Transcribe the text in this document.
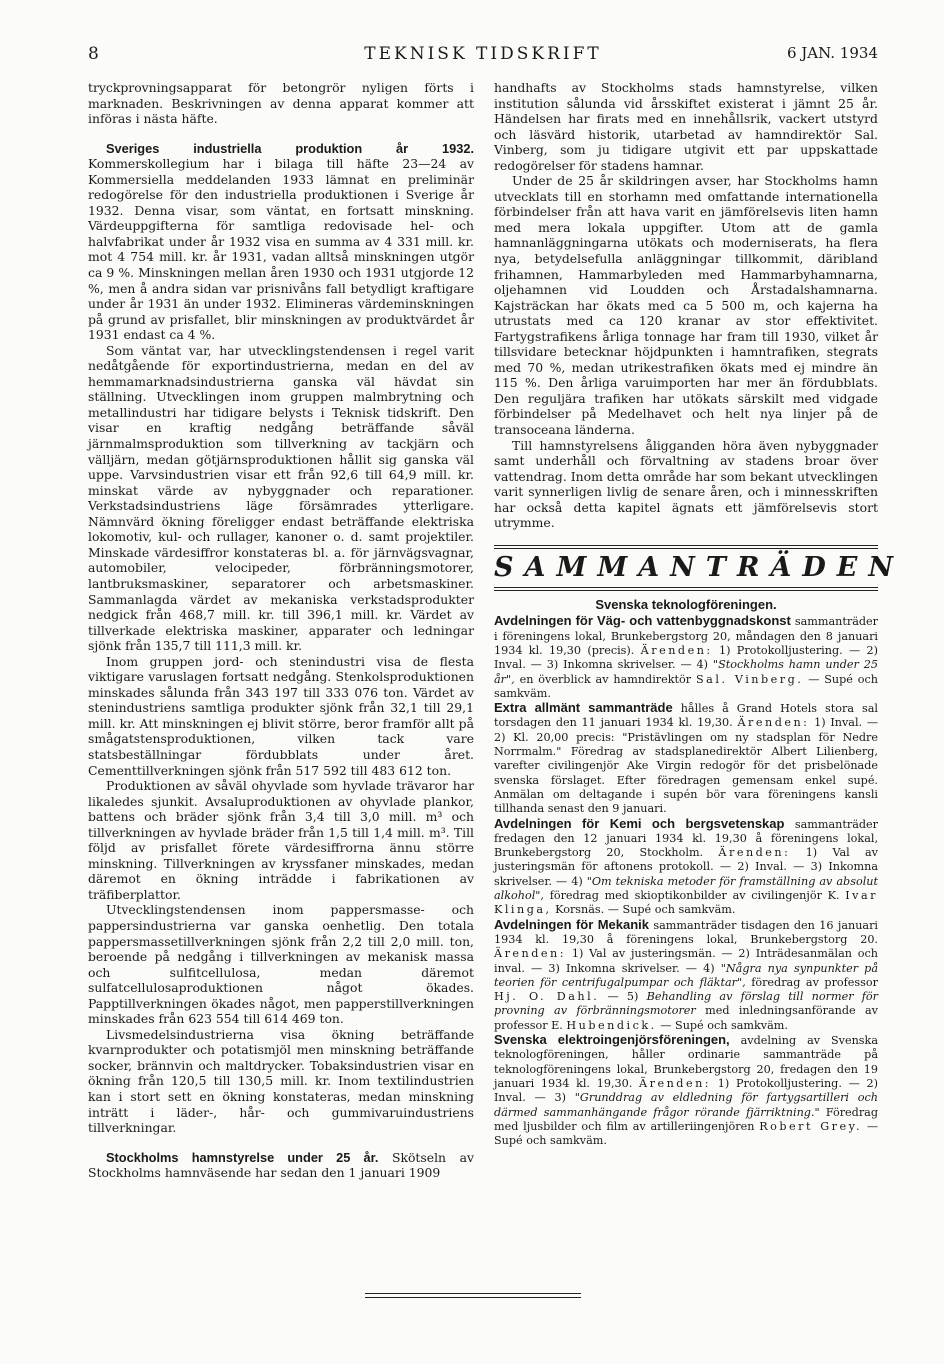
8	TEKNISK TIDSKRIFT	6 JAN. 1934

tryckprovningsapparat för betongrör nyligen förts i marknaden. Beskrivningen av denna apparat kommer att införas i nästa häfte.

Sveriges industriella produktion år 1932. Kommerskollegium har i bilaga till häfte 23—24 av Kommersiella meddelanden 1933 lämnat en preliminär redogörelse för den industriella produktionen i Sverige år 1932. Denna visar, som väntat, en fortsatt minskning. Värdeuppgifterna för samtliga redovisade hel- och halvfabrikat under år 1932 visa en summa av 4 331 mill. kr. mot 4 754 mill. kr. år 1931, vadan alltså minskningen utgör ca 9 %. Minskningen mellan åren 1930 och 1931 utgjorde 12 %, men å andra sidan var prisnivåns fall betydligt kraftigare under år 1931 än under 1932. Elimineras värdeminskningen på grund av prisfallet, blir minskningen av produktvärdet år 1931 endast ca 4 %.

Som väntat var, har utvecklingstendensen i regel varit nedåtgående för exportindustrierna, medan en del av hemmamarknadsindustrierna ganska väl hävdat sin ställning. Utvecklingen inom gruppen malmbrytning och metallindustri har tidigare belysts i Teknisk tidskrift. Den visar en kraftig nedgång beträffande såväl järnmalmsproduktion som tillverkning av tackjärn och välljärn, medan götjärnsproduktionen hållit sig ganska väl uppe. Varvsindustrien visar ett från 92,6 till 64,9 mill. kr. minskat värde av nybyggnader och reparationer. Verkstadsindustriens läge försämrades ytterligare. Nämnvärd ökning föreligger endast beträffande elektriska lokomotiv, kul- och rullager, kanoner o. d. samt projektiler. Minskade värdesiffror konstateras bl. a. för järnvägsvagnar, automobiler, velocipeder, förbränningsmotorer, lantbruksmaskiner, separatorer och arbetsmaskiner. Sammanlagda värdet av mekaniska verkstadsprodukter nedgick från 468,7 mill. kr. till 396,1 mill. kr. Värdet av tillverkade elektriska maskiner, apparater och ledningar sjönk från 135,7 till 111,3 mill. kr.

Inom gruppen jord- och stenindustri visa de flesta viktigare varuslagen fortsatt nedgång. Stenkolsproduktionen minskades sålunda från 343 197 till 333 076 ton. Värdet av stenindustriens samtliga produkter sjönk från 32,1 till 29,1 mill. kr. Att minskningen ej blivit större, beror framför allt på smågatstensproduktionen, vilken tack vare statsbeställningar fördubblats under året. Cementtillverkningen sjönk från 517 592 till 483 612 ton.

Produktionen av såväl ohyvlade som hyvlade trävaror har likaledes sjunkit. Avsaluproduktionen av ohyvlade plankor, battens och bräder sjönk från 3,4 till 3,0 mill. m³ och tillverkningen av hyvlade bräder från 1,5 till 1,4 mill. m³. Till följd av prisfallet förete värdesiffrorna ännu större minskning. Tillverkningen av kryssfaner minskades, medan däremot en ökning inträdde i fabrikationen av träfiberplattor.

Utvecklingstendensen inom pappersmasse- och pappersindustrierna var ganska oenhetlig. Den totala pappersmassetillverkningen sjönk från 2,2 till 2,0 mill. ton, beroende på nedgång i tillverkningen av mekanisk massa och sulfitcellulosa, medan däremot sulfatcellulosaproduktionen något ökades. Papptillverkningen ökades något, men papperstillverkningen minskades från 623 554 till 614 469 ton.

Livsmedelsindustrierna visa ökning beträffande kvarnprodukter och potatismjöl men minskning beträffande socker, brännvin och maltdrycker. Tobaksindustrien visar en ökning från 120,5 till 130,5 mill. kr. Inom textilindustrien kan i stort sett en ökning konstateras, medan minskning inträtt i läder-, hår- och gummivaruindustriens tillverkningar.

Stockholms hamnstyrelse under 25 år. Skötseln av Stockholms hamnväsende har sedan den 1 januari 1909

handhafts av Stockholms stads hamnstyrelse, vilken institution sålunda vid årsskiftet existerat i jämnt 25 år. Händelsen har firats med en innehållsrik, vackert utstyrd och läsvärd historik, utarbetad av hamndirektör Sal. Vinberg, som ju tidigare utgivit ett par uppskattade redogörelser för stadens hamnar.

Under de 25 år skildringen avser, har Stockholms hamn utvecklats till en storhamn med omfattande internationella förbindelser från att hava varit en jämförelsevis liten hamn med mera lokala uppgifter. Utom att de gamla hamnanläggningarna utökats och moderniserats, ha flera nya, betydelsefulla anläggningar tillkommit, däribland frihamnen, Hammarbyleden med Hammarbyhamnarna, oljehamnen vid Loudden och Årstadalshamnarna. Kajsträckan har ökats med ca 5 500 m, och kajerna ha utrustats med ca 120 kranar av stor effektivitet. Fartygstrafikens årliga tonnage har fram till 1930, vilket år tillsvidare betecknar höjdpunkten i hamntrafiken, stegrats med 70 %, medan utrikestrafiken ökats med ej mindre än 115 %. Den årliga varuimporten har mer än fördubblats. Den reguljära trafiken har utökats särskilt med vidgade förbindelser på Medelhavet och helt nya linjer på de transoceana länderna.

Till hamnstyrelsens åligganden höra även nybyggnader samt underhåll och förvaltning av stadens broar över vattendrag. Inom detta område har som bekant utvecklingen varit synnerligen livlig de senare åren, och i minnesskriften har också detta kapitel ägnats ett jämförelsevis stort utrymme.

SAMMANTRÄDEN
Svenska teknologföreningen.

Avdelningen för Väg- och vattenbyggnadskonst sammanträder i föreningens lokal, Brunkebergstorg 20, måndagen den 8 januari 1934 kl. 19,30 (precis). Ärenden: 1) Protokolljustering. — 2) Inval. — 3) Inkomna skrivelser. — 4) "Stockholms hamn under 25 år", en överblick av hamndirektör Sal. Vinberg. — Supé och samkväm.

Extra allmänt sammanträde hålles å Grand Hotels stora sal torsdagen den 11 januari 1934 kl. 19,30. Ärenden: 1) Inval. — 2) Kl. 20,00 precis: "Pristävlingen om ny stadsplan för Nedre Norrmalm." Föredrag av stadsplanedirektör Albert Lilienberg, varefter civilingenjör Ake Virgin redogör för det prisbelönade svenska förslaget. Efter föredragen gemensam enkel supé. Anmälan om deltagande i supén bör vara föreningens kansli tillhanda senast den 9 januari.

Avdelningen för Kemi och bergsvetenskap sammanträder fredagen den 12 januari 1934 kl. 19,30 å föreningens lokal, Brunkebergstorg 20, Stockholm. Ärenden: 1) Val av justeringsmän för aftonens protokoll. — 2) Inval. — 3) Inkomna skrivelser. — 4) "Om tekniska metoder för framställning av absolut alkohol", föredrag med skioptikonbilder av civilingenjör K. Ivar Klinga, Korsnäs. — Supé och samkväm.

Avdelningen för Mekanik sammanträder tisdagen den 16 januari 1934 kl. 19,30 å föreningens lokal, Brunkebergstorg 20. Ärenden: 1) Val av justeringsmän. — 2) Inträdesanmälan och inval. — 3) Inkomna skrivelser. — 4) "Några nya synpunkter på teorien för centrifugalpumpar och fläktar", föredrag av professor Hj. O. Dahl. — 5) Behandling av förslag till normer för provning av förbränningsmotorer med inledningsanförande av professor E. Hubendick. — Supé och samkväm.

Svenska elektroingenjörsföreningen, avdelning av Svenska teknologföreningen, håller ordinarie sammanträde på teknologföreningens lokal, Brunkebergstorg 20, fredagen den 19 januari 1934 kl. 19,30. Ärenden: 1) Protokolljustering. — 2) Inval. — 3) "Grunddrag av eldledning för fartygsartilleri och därmed sammanhängande frågor rörande fjärriktning." Föredrag med ljusbilder och film av artilleriingenjören Robert Grey. — Supé och samkväm.
